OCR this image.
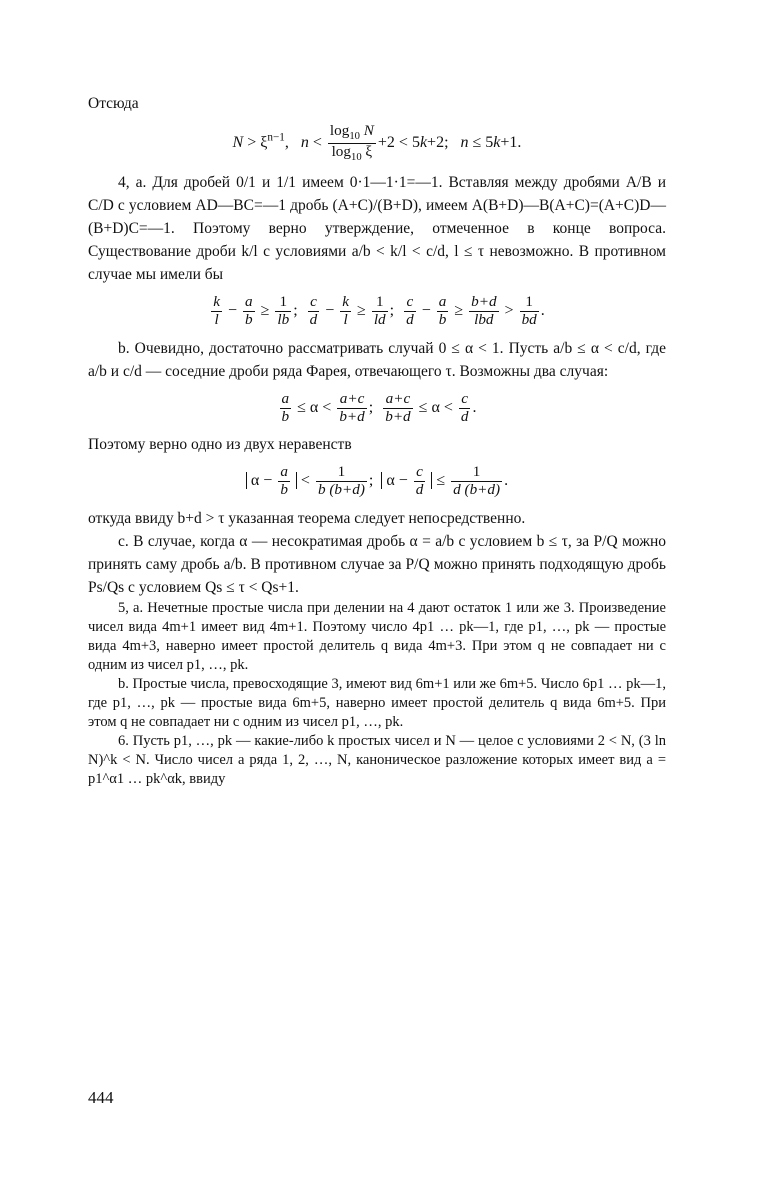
Отсюда

$N > \xi^{n-1}$,   $n < \frac{\log_{10} N}{\log_{10} \xi} +2 < 5k+2$;   n ≤ 5k+1.

4, а. Для дробей 0/1 и 1/1 имеем 0·1—1·1=—1. Вставляя между дробями A/B и C/D с условием AD—BC=—1 дробь (A+C)/(B+D), имеем A(B+D)—B(A+C)=(A+C)D—(B+D)C=—1. Поэтому верно утверждение, отмеченное в конце вопроса. Существование дроби k/l с условиями a/b < k/l < c/d, l ≤ τ невозможно. В противном случае мы имели бы

$\frac{k}{l} - \frac{a}{b} \ge \frac{1}{lb}$ ; $\frac{c}{d} - \frac{k}{l} \ge \frac{1}{ld}$ ; $\frac{c}{d} - \frac{a}{b} \ge \frac{b+d}{\text{lbd}} > \frac{1}{bd}$ .

b. Очевидно, достаточно рассматривать случай 0 ≤ α < 1. Пусть a/b ≤ α < c/d, где a/b и c/d — соседние дроби ряда Фарея, отвечающего τ. Возможны два случая:

$\frac{a}{b} \le \alpha < \frac{a+c}{b+d}$ ; $\frac{a+c}{b+d} \le \alpha < \frac{c}{d}$ .

Поэтому верно одно из двух неравенств

$\alpha - \frac{a}{b} < \frac{1}{b (b+d)}$ ;  $\alpha - \frac{c}{d} \le \frac{1}{d (b+d)}$ .

откуда ввиду b+d > τ указанная теорема следует непосредственно.

с. В случае, когда α — несократимая дробь α = a/b с условием b ≤ τ, за P/Q можно принять саму дробь a/b. В противном случае за P/Q можно принять подходящую дробь Ps/Qs с условием Qs ≤ τ < Qs+1.

5, а. Нечетные простые числа при делении на 4 дают остаток 1 или же 3. Произведение чисел вида 4m+1 имеет вид 4m+1. Поэтому число 4p1 … pk—1, где p1, …, pk — простые вида 4m+3, наверно имеет простой делитель q вида 4m+3. При этом q не совпадает ни с одним из чисел p1, …, pk.

b. Простые числа, превосходящие 3, имеют вид 6m+1 или же 6m+5. Число 6p1 … pk—1, где p1, …, pk — простые вида 6m+5, наверно имеет простой делитель q вида 6m+5. При этом q не совпадает ни с одним из чисел p1, …, pk.

6. Пусть p1, …, pk — какие-либо k простых чисел и N — целое с условиями 2 < N, (3 ln N)^k < N. Число чисел a ряда 1, 2, …, N, каноническое разложение которых имеет вид a = p1^α1 … pk^αk, ввиду

444
